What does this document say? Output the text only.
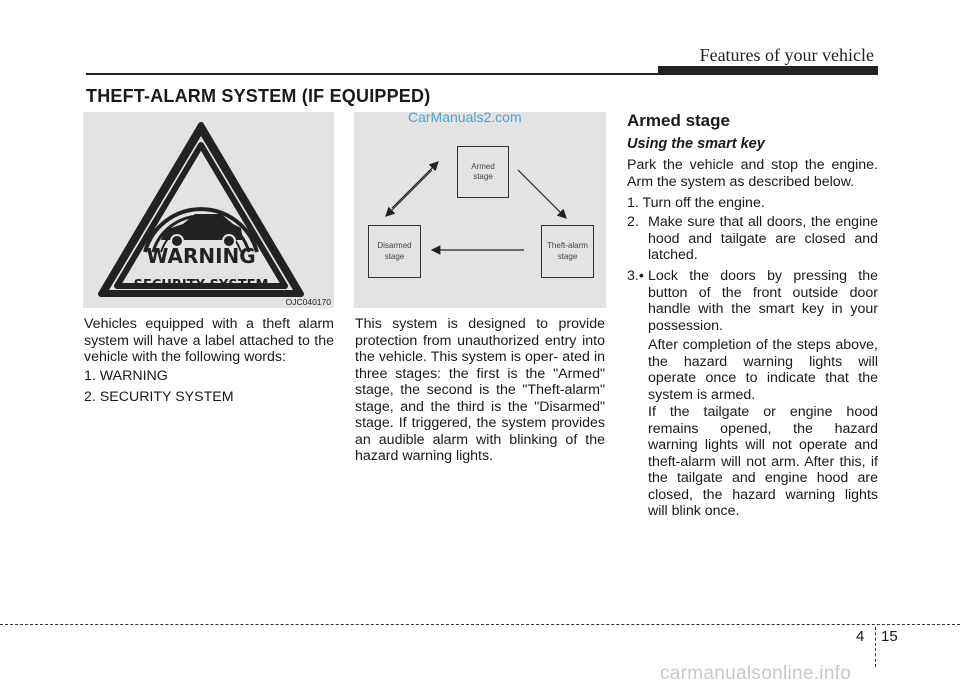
Features of your vehicle
THEFT-ALARM SYSTEM (IF EQUIPPED)
WARNING
SECURITY SYSTEM
OJC040170
Armed
stage
Disarmed
stage
Theft-alarm
stage
CarManuals2.com
Vehicles equipped with a theft alarm system will have a label attached to the vehicle with the following words:
1. WARNING
2. SECURITY SYSTEM
This system is designed to provide protection from unauthorized entry into the vehicle. This system is oper- ated in three stages: the first is the "Armed" stage, the second is the "Theft-alarm" stage, and the third is the "Disarmed" stage. If triggered, the system provides an audible alarm with blinking of the hazard warning lights.
Armed stage
Using the smart key
Park the vehicle and stop the engine. Arm the system as described below.
1. Turn off the engine.
2. Make sure that all doors, the engine hood and tailgate are closed and latched.
3.• Lock the doors by pressing the button of the front outside door handle with the smart key in your possession.
After completion of the steps above, the hazard warning lights will operate once to indicate that the system is armed.
If the tailgate or engine hood remains opened, the hazard warning lights will not operate and theft-alarm will not arm. After this, if the tailgate and engine hood are closed, the hazard warning lights will blink once.
4 15
carmanualsonline.info
